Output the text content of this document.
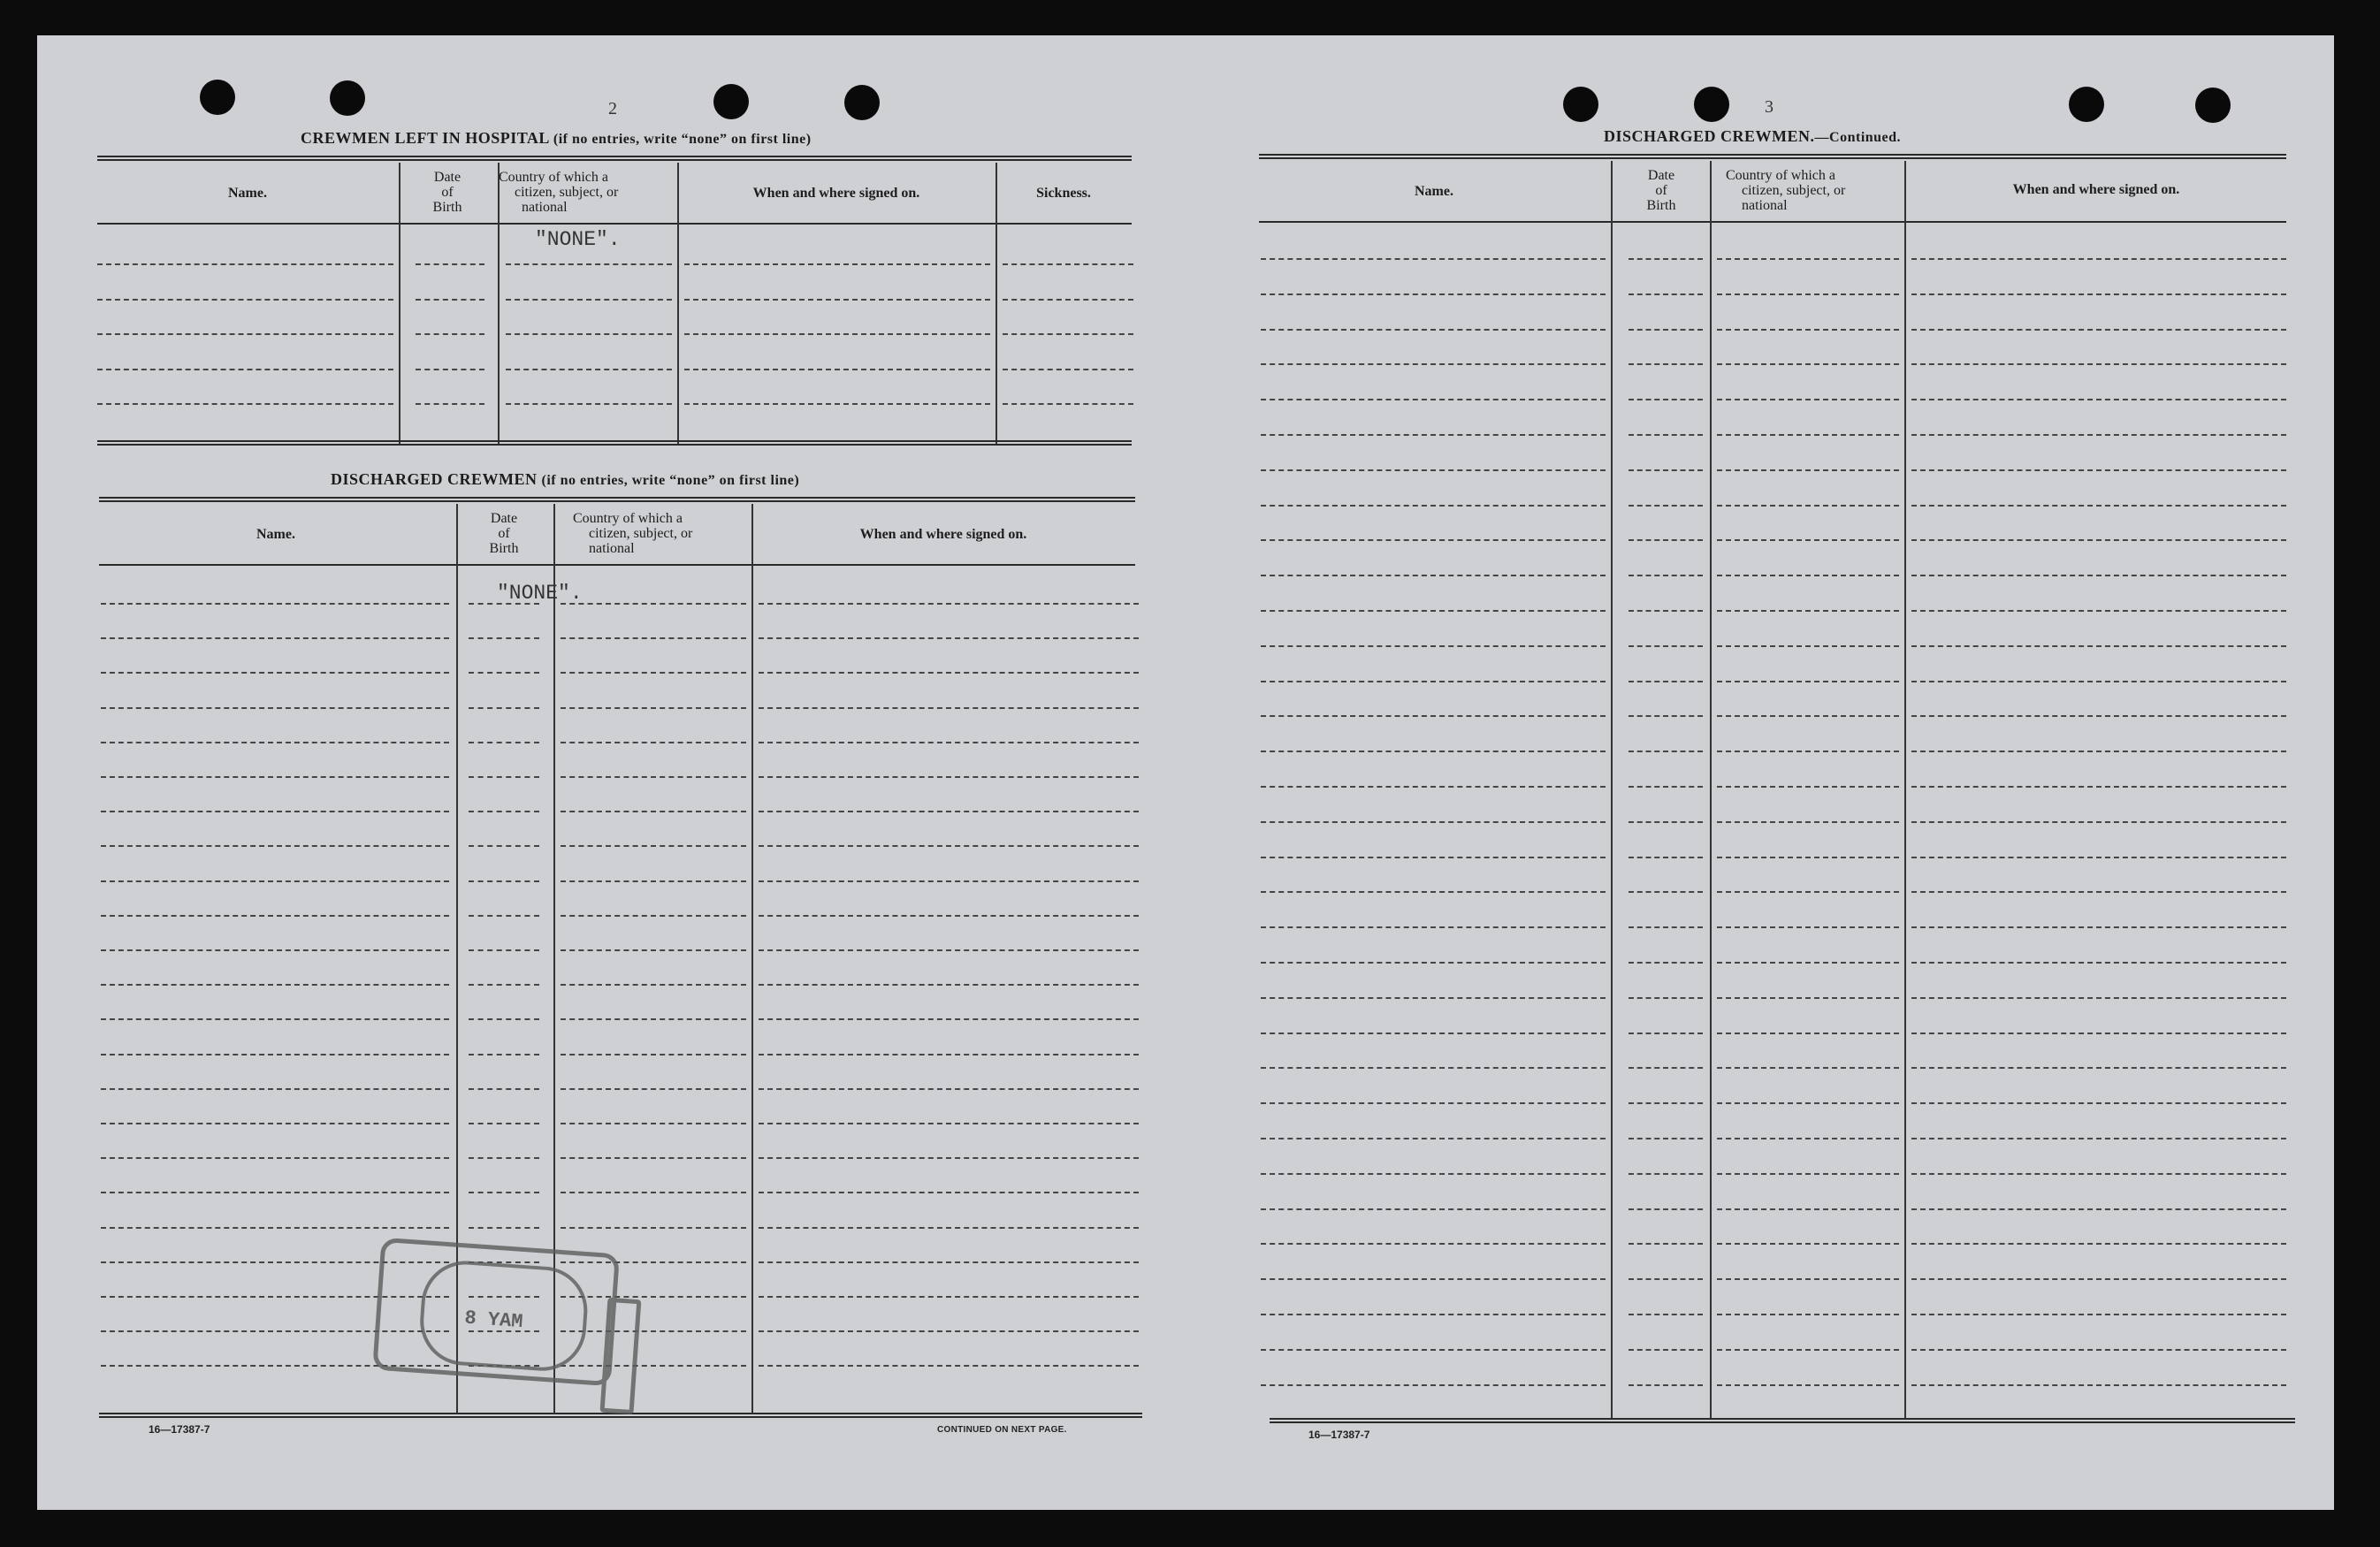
2
CREWMEN LEFT IN HOSPITAL (if no entries, write “none” on first line)
Name.
Date
of
Birth
Country of which a
citizen, subject, or
national
When and where signed on.	Sickness.
"NONE".
DISCHARGED CREWMEN (if no entries, write “none” on first line)
Name.
Date
of
Birth
Country of which a
citizen, subject, or
national
When and where signed on.
"NONE".
16—17387-7	CONTINUED ON NEXT PAGE.
8 YAM
3
DISCHARGED CREWMEN.—Continued.
Name.
Date
of
Birth
Country of which a
citizen, subject, or
national
When and where signed on.
16—17387-7
